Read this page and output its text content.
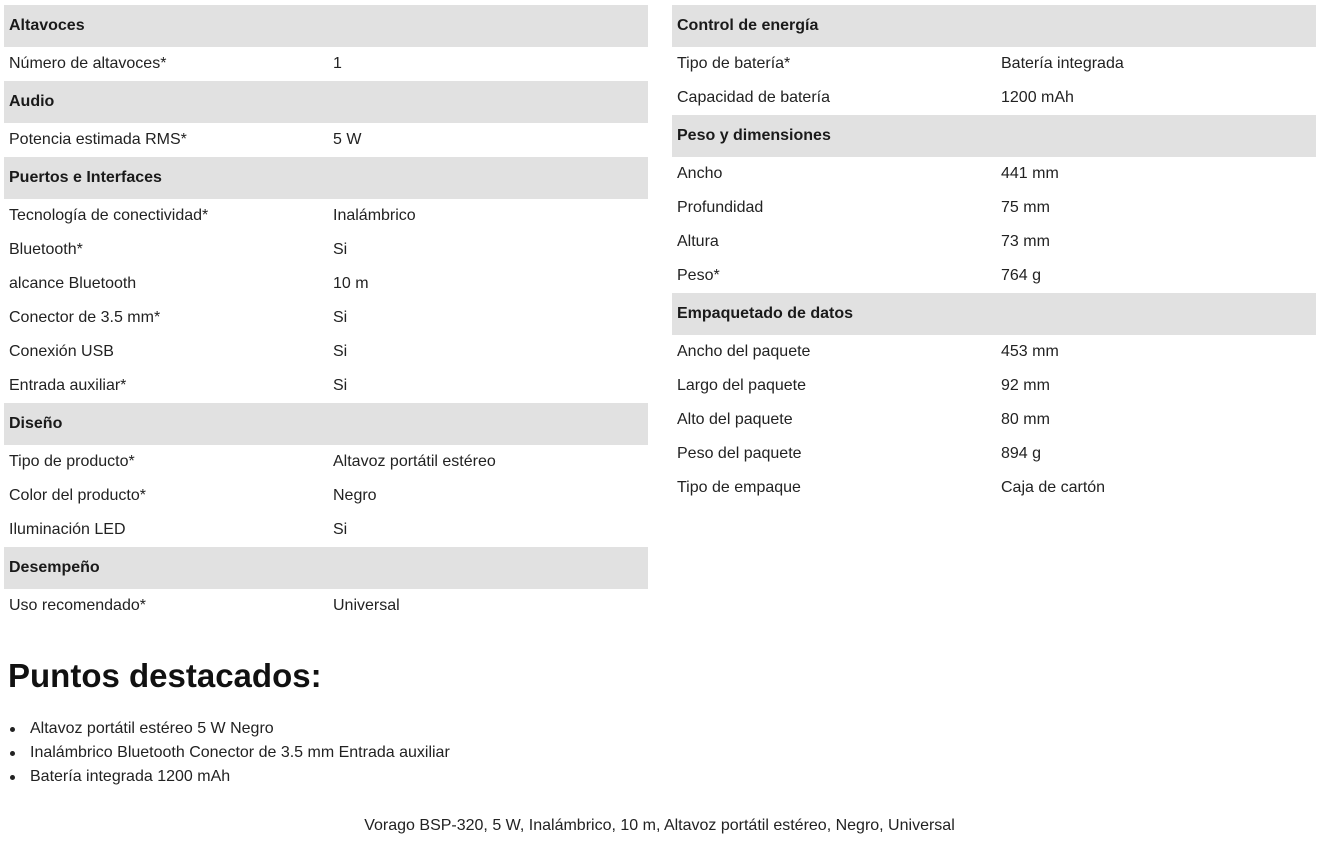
Altavoces
Número de altavoces*	1
Audio
Potencia estimada RMS*	5 W
Puertos e Interfaces
Tecnología de conectividad*	Inalámbrico
Bluetooth*	Si
alcance Bluetooth	10 m
Conector de 3.5 mm*	Si
Conexión USB	Si
Entrada auxiliar*	Si
Diseño
Tipo de producto*	Altavoz portátil estéreo
Color del producto*	Negro
Iluminación LED	Si
Desempeño
Uso recomendado*	Universal
Control de energía
Tipo de batería*	Batería integrada
Capacidad de batería	1200 mAh
Peso y dimensiones
Ancho	441 mm
Profundidad	75 mm
Altura	73 mm
Peso*	764 g
Empaquetado de datos
Ancho del paquete	453 mm
Largo del paquete	92 mm
Alto del paquete	80 mm
Peso del paquete	894 g
Tipo de empaque	Caja de cartón
Puntos destacados:
Altavoz portátil estéreo 5 W Negro
Inalámbrico Bluetooth Conector de 3.5 mm Entrada auxiliar
Batería integrada 1200 mAh
Vorago BSP-320, 5 W, Inalámbrico, 10 m, Altavoz portátil estéreo, Negro, Universal
